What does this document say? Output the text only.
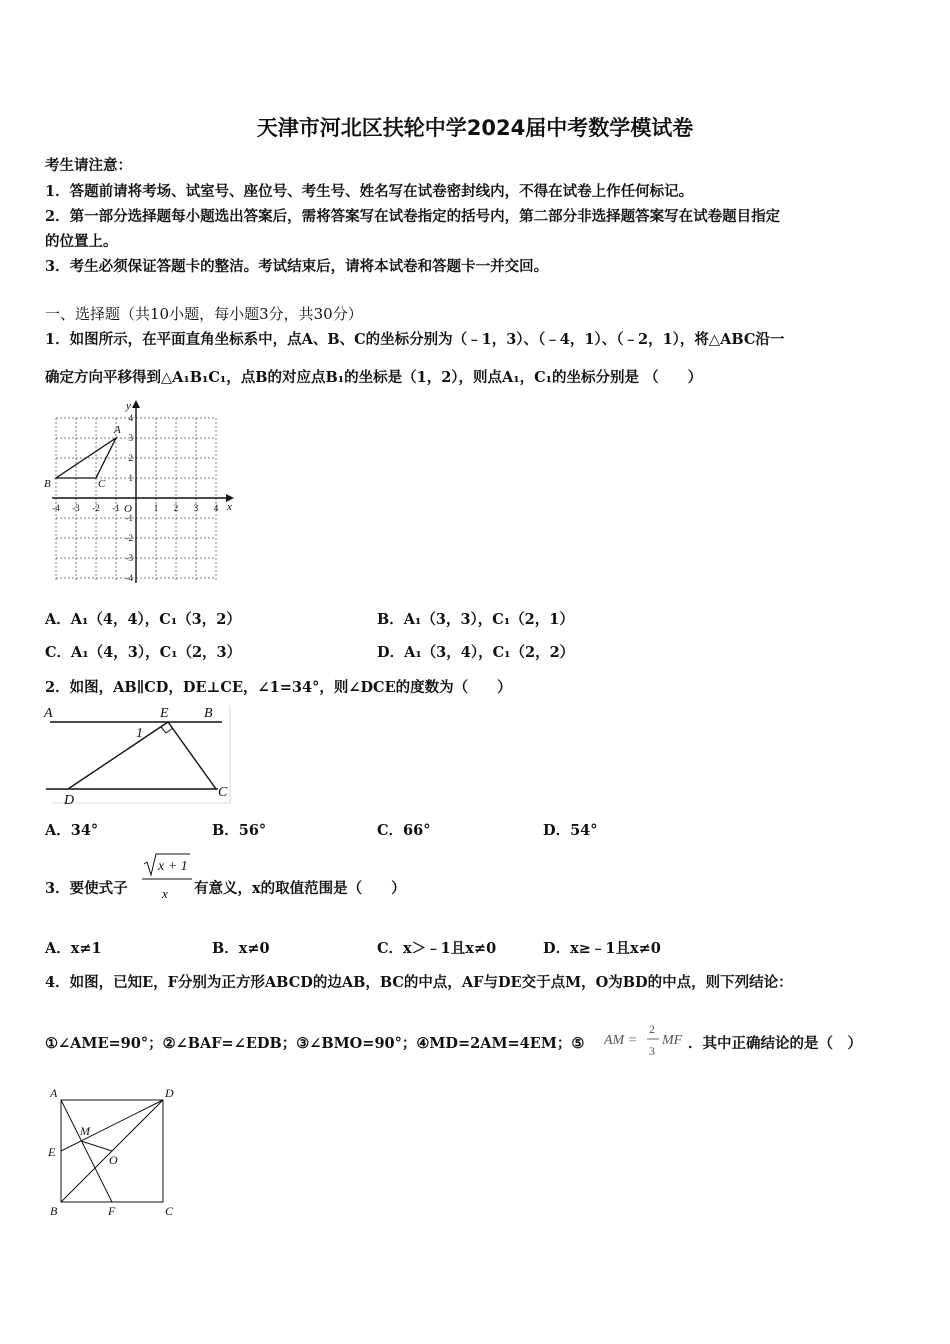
天津市河北区扶轮中学2024届中考数学模试卷
考生请注意：
1．答题前请将考场、试室号、座位号、考生号、姓名写在试卷密封线内，不得在试卷上作任何标记。
2．第一部分选择题每小题选出答案后，需将答案写在试卷指定的括号内，第二部分非选择题答案写在试卷题目指定
的位置上。
3．考生必须保证答题卡的整洁。考试结束后，请将本试卷和答题卡一并交回。
一、选择题（共10小题，每小题3分，共30分）
1．如图所示，在平面直角坐标系中，点A、B、C的坐标分别为（﹣1，3）、（﹣4，1）、（﹣2，1），将△ABC沿一
确定方向平移得到△A₁B₁C₁，点B的对应点B₁的坐标是（1，2），则点A₁，C₁的坐标分别是 （　　）
y
x
O
A
B	C
-4 -3 -2 -1	1 2 3 4
1
2
3
4
-1
-2
-3
-4
A．A₁（4，4），C₁（3，2）	B．A₁（3，3），C₁（2，1）
C．A₁（4，3），C₁（2，3）	D．A₁（3，4），C₁（2，2）
2．如图，AB∥CD，DE⊥CE，∠1=34°，则∠DCE的度数为（　　）
A	E	B
1
D
C
A．34°	B．56°	C．66°	D．54°
3．要使式子
x + 1
x 有意义，x的取值范围是（　　）
A．x≠1	B．x≠0	C．x＞﹣1且x≠0	D．x≥﹣1且x≠0
4．如图，已知E，F分别为正方形ABCD的边AB，BC的中点，AF与DE交于点M，O为BD的中点，则下列结论：
①∠AME=90°；②∠BAF=∠EDB；③∠BMO=90°；④MD=2AM=4EM；⑤ AM =
2
3
MF ．其中正确结论的是（　）
A	D
M
E
O
B	F	C
